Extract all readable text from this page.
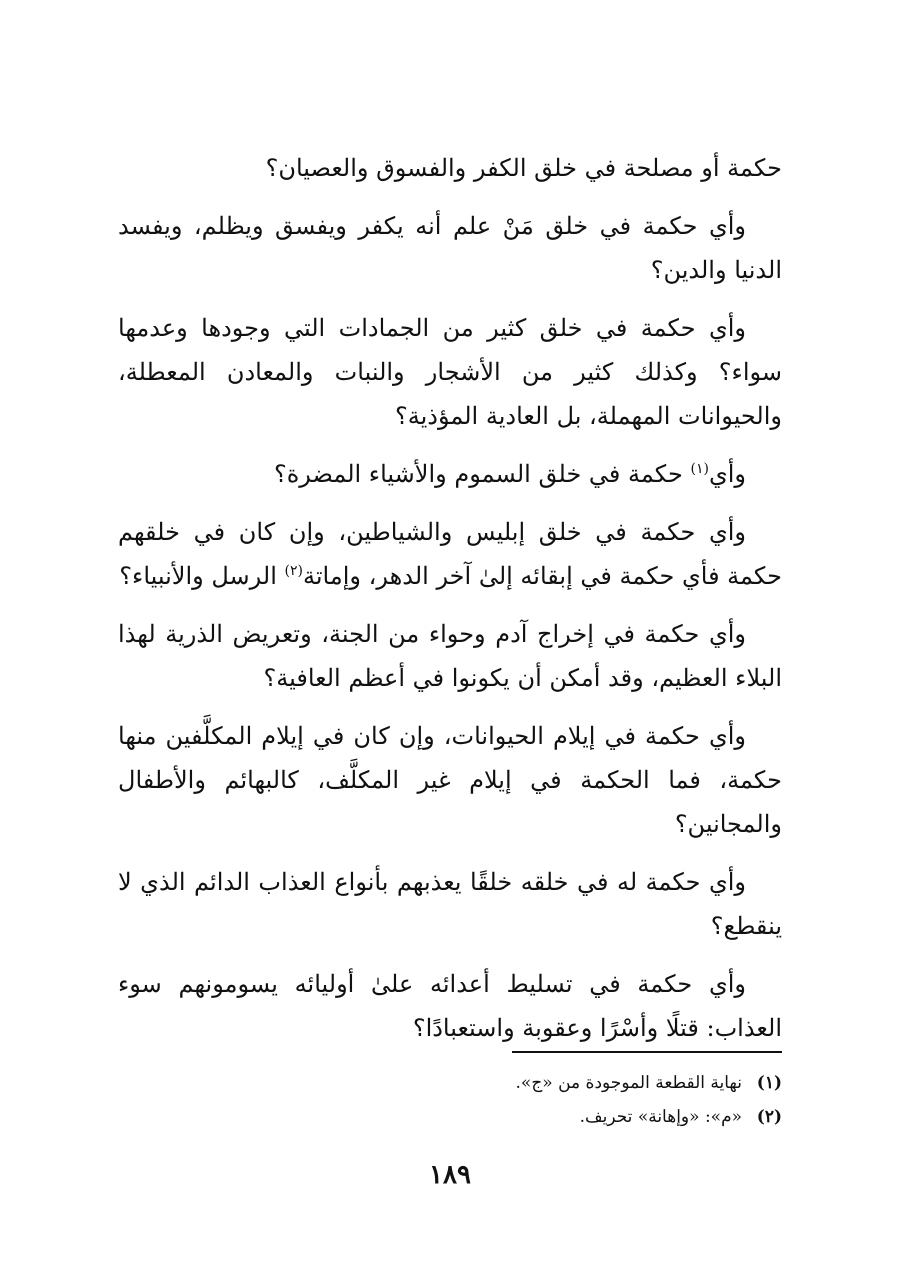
حكمة أو مصلحة في خلق الكفر والفسوق والعصيان؟

وأي حكمة في خلق مَنْ علم أنه يكفر ويفسق ويظلم، ويفسد الدنيا والدين؟

وأي حكمة في خلق كثير من الجمادات التي وجودها وعدمها سواء؟ وكذلك كثير من الأشجار والنبات والمعادن المعطلة، والحيوانات المهملة، بل العادية المؤذية؟

وأي$^{(١)}$ حكمة في خلق السموم والأشياء المضرة؟

وأي حكمة في خلق إبليس والشياطين، وإن كان في خلقهم حكمة فأي حكمة في إبقائه إلىٰ آخر الدهر، وإماتة$^{(٢)}$ الرسل والأنبياء؟

وأي حكمة في إخراج آدم وحواء من الجنة، وتعريض الذرية لهذا البلاء العظيم، وقد أمكن أن يكونوا في أعظم العافية؟

وأي حكمة في إيلام الحيوانات، وإن كان في إيلام المكلَّفين منها حكمة، فما الحكمة في إيلام غير المكلَّف، كالبهائم والأطفال والمجانين؟

وأي حكمة له في خلقه خلقًا يعذبهم بأنواع العذاب الدائم الذي لا ينقطع؟

وأي حكمة في تسليط أعدائه علىٰ أوليائه يسومونهم سوء العذاب: قتلًا وأسْرًا وعقوبة واستعبادًا؟

(١)نهاية القطعة الموجودة من «ج».

(٢)«م»: «وإهانة» تحريف.

١٨٩
